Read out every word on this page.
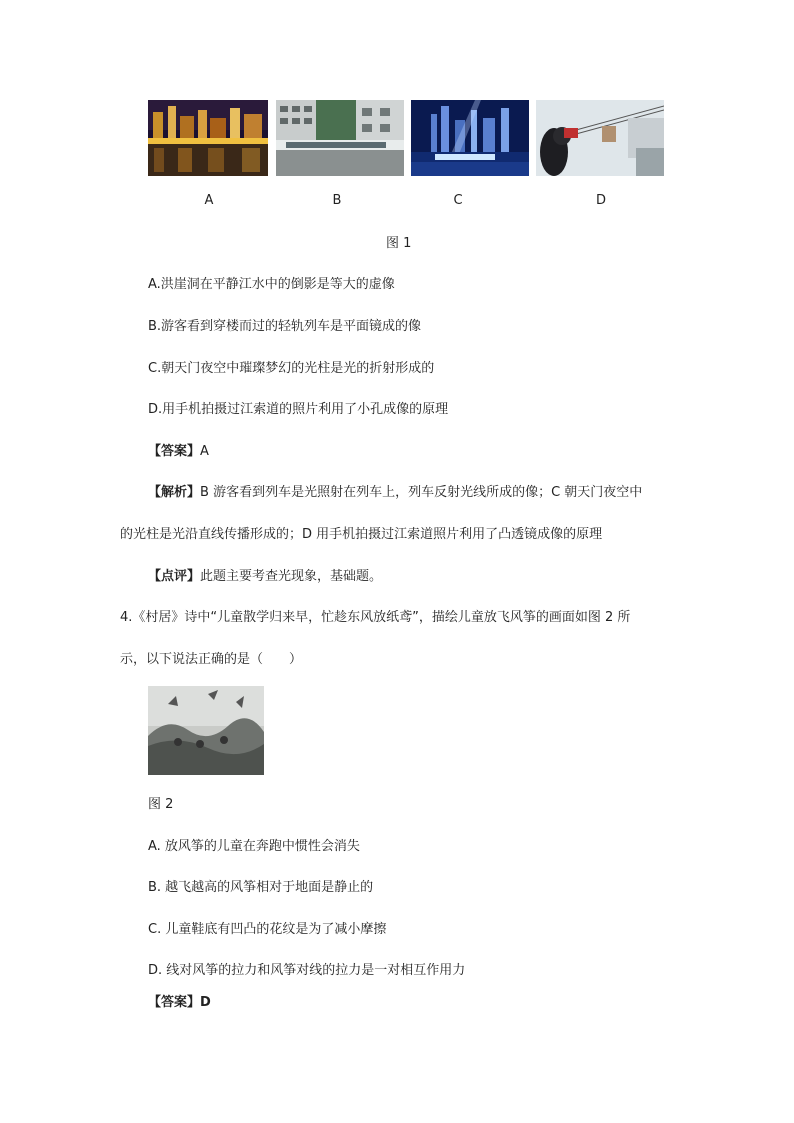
A	B	C	D
图 1
A.洪崖洞在平静江水中的倒影是等大的虚像
B.游客看到穿楼而过的轻轨列车是平面镜成的像
C.朝天门夜空中璀璨梦幻的光柱是光的折射形成的
D.用手机拍摄过江索道的照片利用了小孔成像的原理
【答案】A
【解析】B 游客看到列车是光照射在列车上，列车反射光线所成的像；C 朝天门夜空中
的光柱是光沿直线传播形成的；D 用手机拍摄过江索道照片利用了凸透镜成像的原理
【点评】此题主要考查光现象，基础题。
4.《村居》诗中“儿童散学归来早，忙趁东风放纸鸢”，描绘儿童放飞风筝的画面如图 2 所
示，以下说法正确的是（　　）
图 2
A. 放风筝的儿童在奔跑中惯性会消失
B. 越飞越高的风筝相对于地面是静止的
C. 儿童鞋底有凹凸的花纹是为了减小摩擦
D. 线对风筝的拉力和风筝对线的拉力是一对相互作用力
【答案】D
